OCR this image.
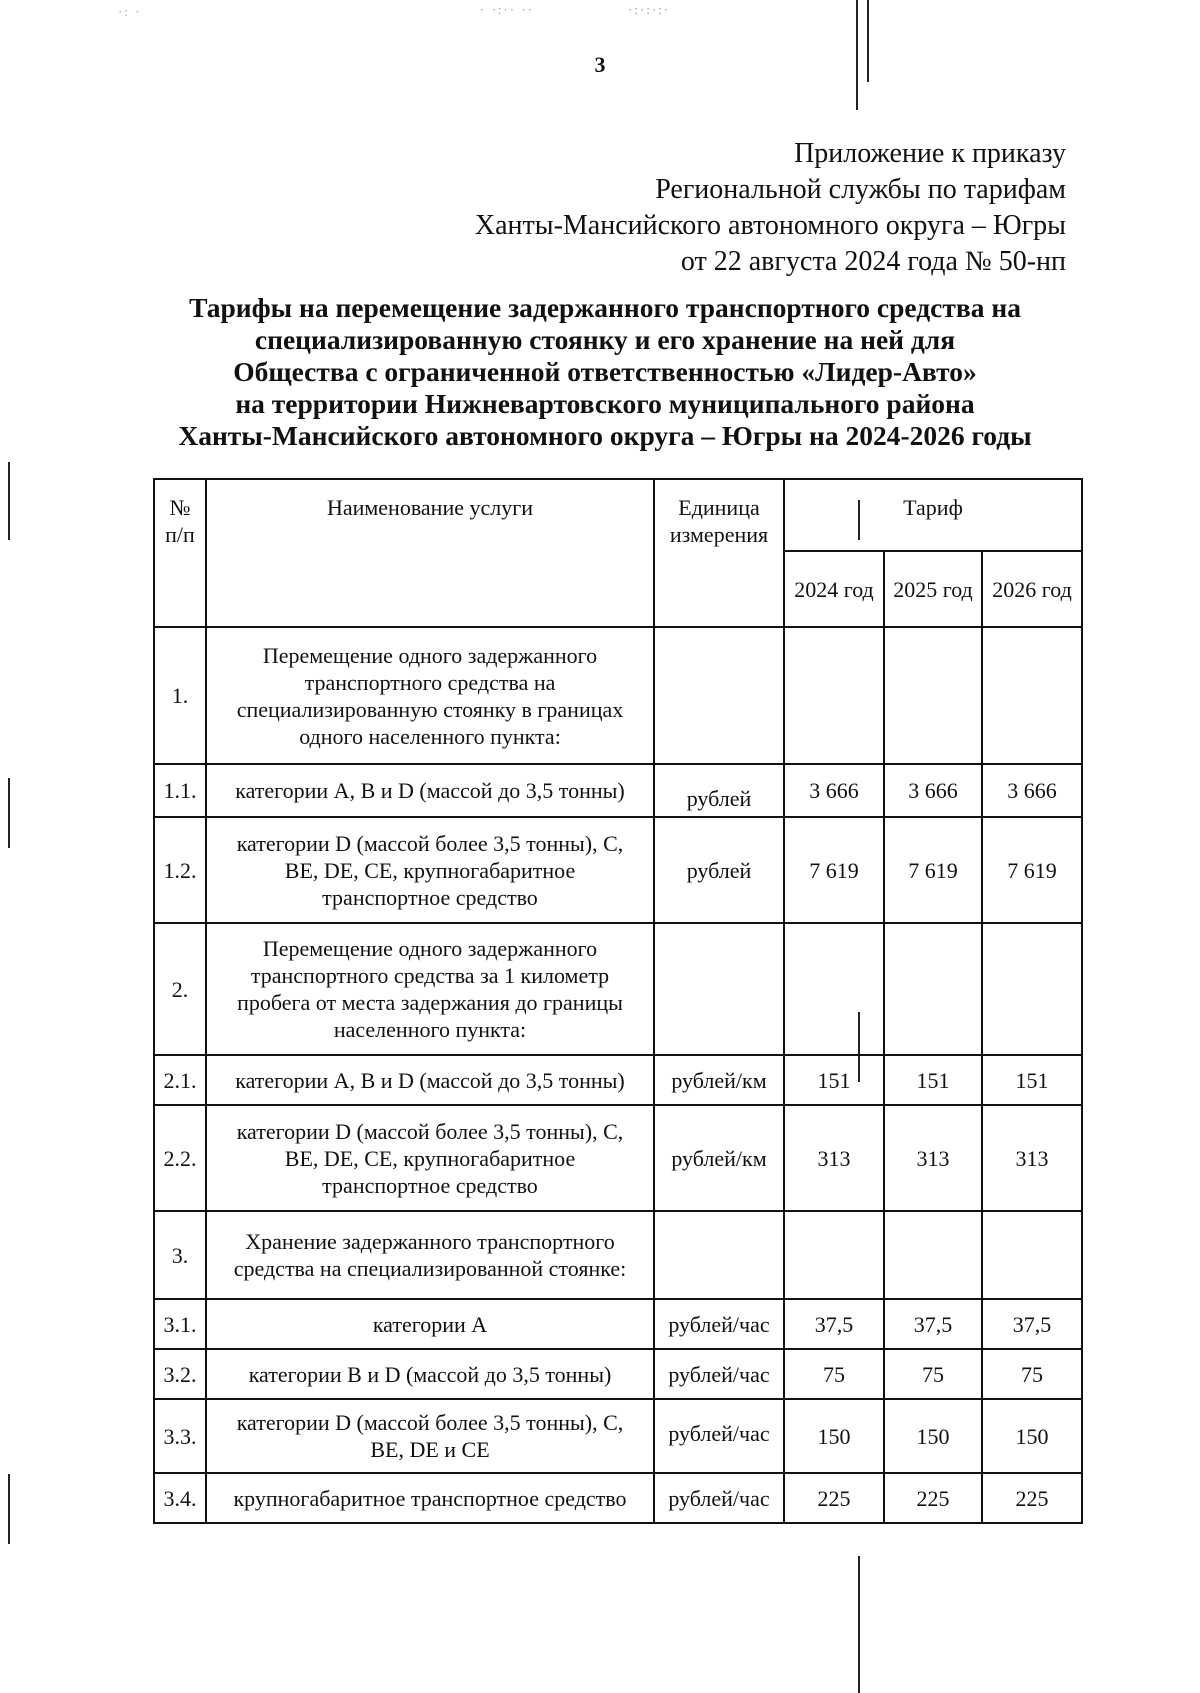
·: ·	· ·:·· ··	·:·:·:·
3
Приложение к приказу
Региональной службы по тарифам
Ханты-Мансийского автономного округа – Югры
от 22 августа 2024 года № 50-нп
Тарифы на перемещение задержанного транспортного средства на
специализированную стоянку и его хранение на ней для
Общества с ограниченной ответственностью «Лидер-Авто»
на территории Нижневартовского муниципального района
Ханты-Мансийского автономного округа – Югры на 2024-2026 годы
№ п/п	Наименование услуги	Единица измерения	Тариф		
			2024 год	2025 год	2026 год
1.	Перемещение одного задержанного
транспортного средства на
специализированную стоянку в границах
одного населенного пункта:				

1.1.	категории A, B и D (массой до 3,5 тонны)	рублей	3 666	3 666	3 666
1.2.	категории D (массой более 3,5 тонны), C,
BE, DE, CE, крупногабаритное
транспортное средство	рублей	7 619	7 619	7 619
2.	Перемещение одного задержанного
транспортного средства за 1 километр
пробега от места задержания до границы
населенного пункта:				

2.1.	категории A, B и D (массой до 3,5 тонны)	рублей/км	151	151	151
2.2.	категории D (массой более 3,5 тонны), C,
BE, DE, CE, крупногабаритное
транспортное средство	рублей/км	313	313	313
3.	Хранение задержанного транспортного
средства на специализированной стоянке:				

3.1.	категории A	рублей/час	37,5	37,5	37,5
3.2.	категории B и D (массой до 3,5 тонны)	рублей/час	75	75	75
3.3.	категории D (массой более 3,5 тонны), C,
BE, DE и CE	рублей/час	150	150	150
3.4.	крупногабаритное транспортное средство	рублей/час	225	225	225
